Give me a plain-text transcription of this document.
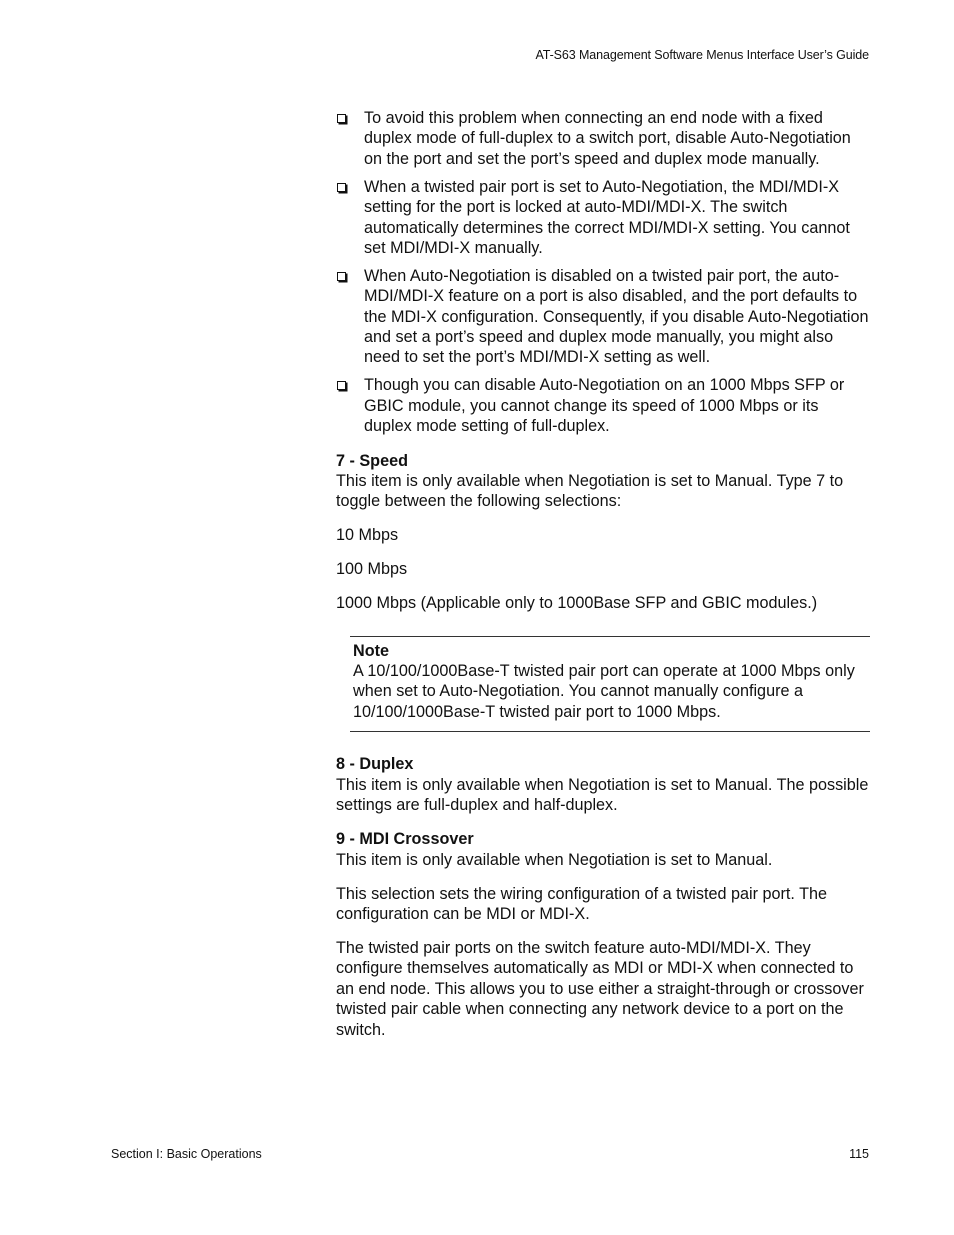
AT-S63 Management Software Menus Interface User’s Guide
To avoid this problem when connecting an end node with a fixed duplex mode of full-duplex to a switch port, disable Auto-Negotiation on the port and set the port’s speed and duplex mode manually.
When a twisted pair port is set to Auto-Negotiation, the MDI/MDI-X setting for the port is locked at auto-MDI/MDI-X. The switch automatically determines the correct MDI/MDI-X setting. You cannot set MDI/MDI-X manually.
When Auto-Negotiation is disabled on a twisted pair port, the auto-MDI/MDI-X feature on a port is also disabled, and the port defaults to the MDI-X configuration. Consequently, if you disable Auto-Negotiation and set a port’s speed and duplex mode manually, you might also need to set the port’s MDI/MDI-X setting as well.
Though you can disable Auto-Negotiation on an 1000 Mbps SFP or GBIC module, you cannot change its speed of 1000 Mbps or its duplex mode setting of full-duplex.
7 - Speed

This item is only available when Negotiation is set to Manual. Type 7 to toggle between the following selections:

10 Mbps

100 Mbps

1000 Mbps (Applicable only to 1000Base SFP and GBIC modules.)

Note
A 10/100/1000Base-T twisted pair port can operate at 1000 Mbps only when set to Auto-Negotiation. You cannot manually configure a 10/100/1000Base-T twisted pair port to 1000 Mbps.
8 - Duplex

This item is only available when Negotiation is set to Manual. The possible settings are full-duplex and half-duplex.

9 - MDI Crossover

This item is only available when Negotiation is set to Manual.

This selection sets the wiring configuration of a twisted pair port. The configuration can be MDI or MDI-X.

The twisted pair ports on the switch feature auto-MDI/MDI-X. They configure themselves automatically as MDI or MDI-X when connected to an end node. This allows you to use either a straight-through or crossover twisted pair cable when connecting any network device to a port on the switch.

Section I: Basic Operations	115
